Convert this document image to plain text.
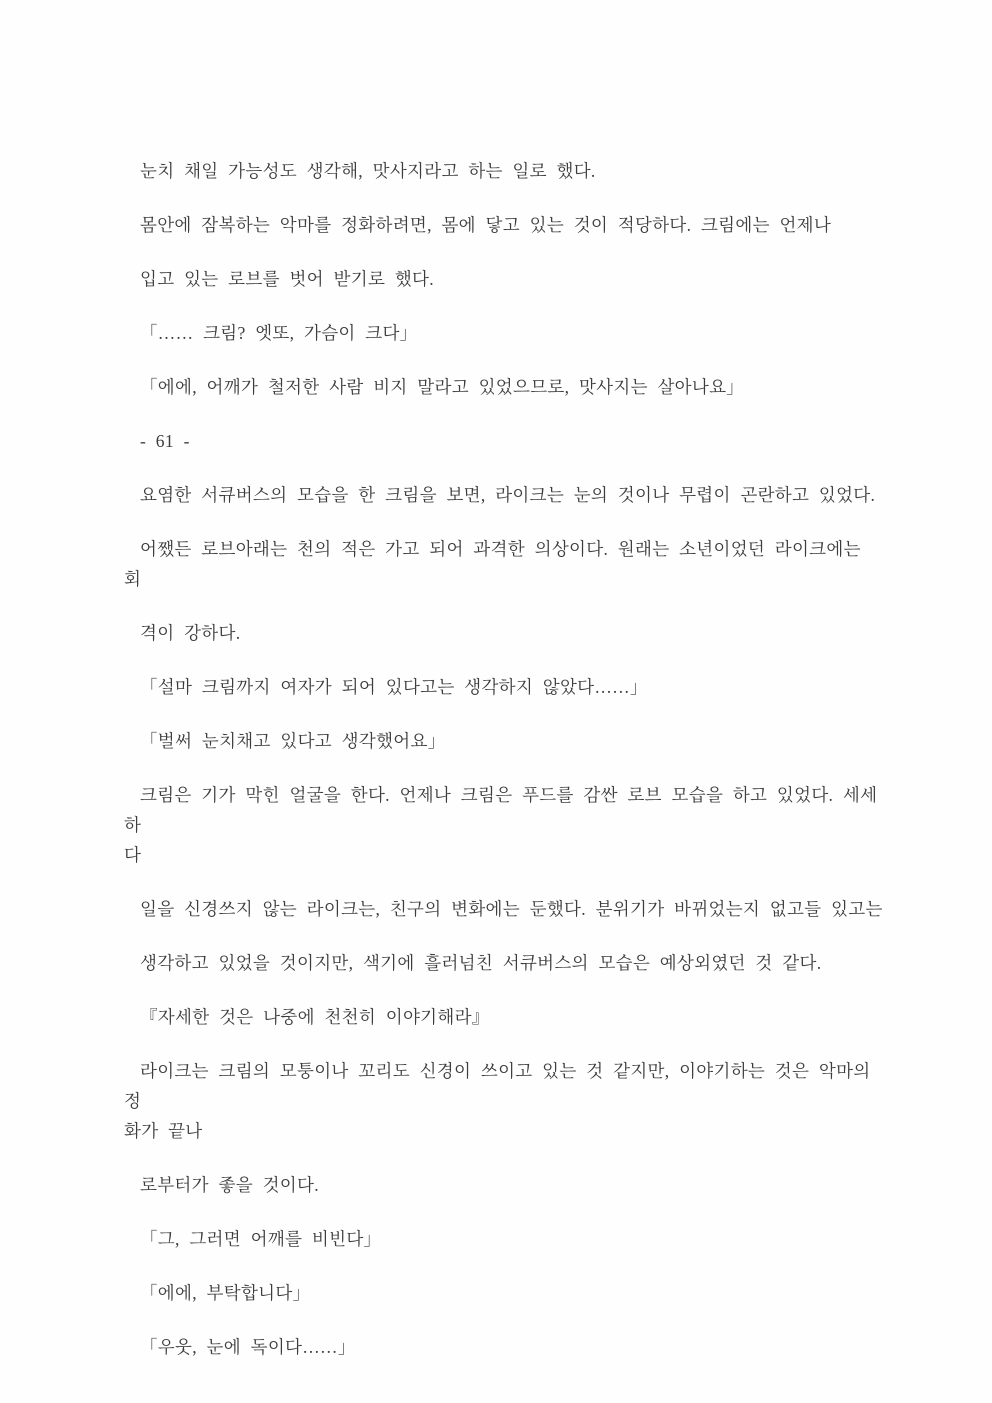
눈치 채일 가능성도 생각해, 맛사지라고 하는 일로 했다.

몸안에 잠복하는 악마를 정화하려면, 몸에 닿고 있는 것이 적당하다. 크림에는 언제나

입고 있는 로브를 벗어 받기로 했다.

「…… 크림? 엣또, 가슴이 크다」

「에에, 어깨가 철저한 사람 비지 말라고 있었으므로, 맛사지는 살아나요」

- 61 -

요염한 서큐버스의 모습을 한 크림을 보면, 라이크는 눈의 것이나 무렵이 곤란하고 있었다.

어쨌든 로브아래는 천의 적은 가고 되어 과격한 의상이다. 원래는 소년이었던 라이크에는 회

격이 강하다.

「설마 크림까지 여자가 되어 있다고는 생각하지 않았다……」

「벌써 눈치채고 있다고 생각했어요」

크림은 기가 막힌 얼굴을 한다. 언제나 크림은 푸드를 감싼 로브 모습을 하고 있었다. 세세하
다

일을 신경쓰지 않는 라이크는, 친구의 변화에는 둔했다. 분위기가 바뀌었는지 없고들 있고는

생각하고 있었을 것이지만, 색기에 흘러넘친 서큐버스의 모습은 예상외였던 것 같다.

『자세한 것은 나중에 천천히 이야기해라』

라이크는 크림의 모퉁이나 꼬리도 신경이 쓰이고 있는 것 같지만, 이야기하는 것은 악마의 정
화가 끝나

로부터가 좋을 것이다.

「그, 그러면 어깨를 비빈다」

「에에, 부탁합니다」

「우웃, 눈에 독이다……」
